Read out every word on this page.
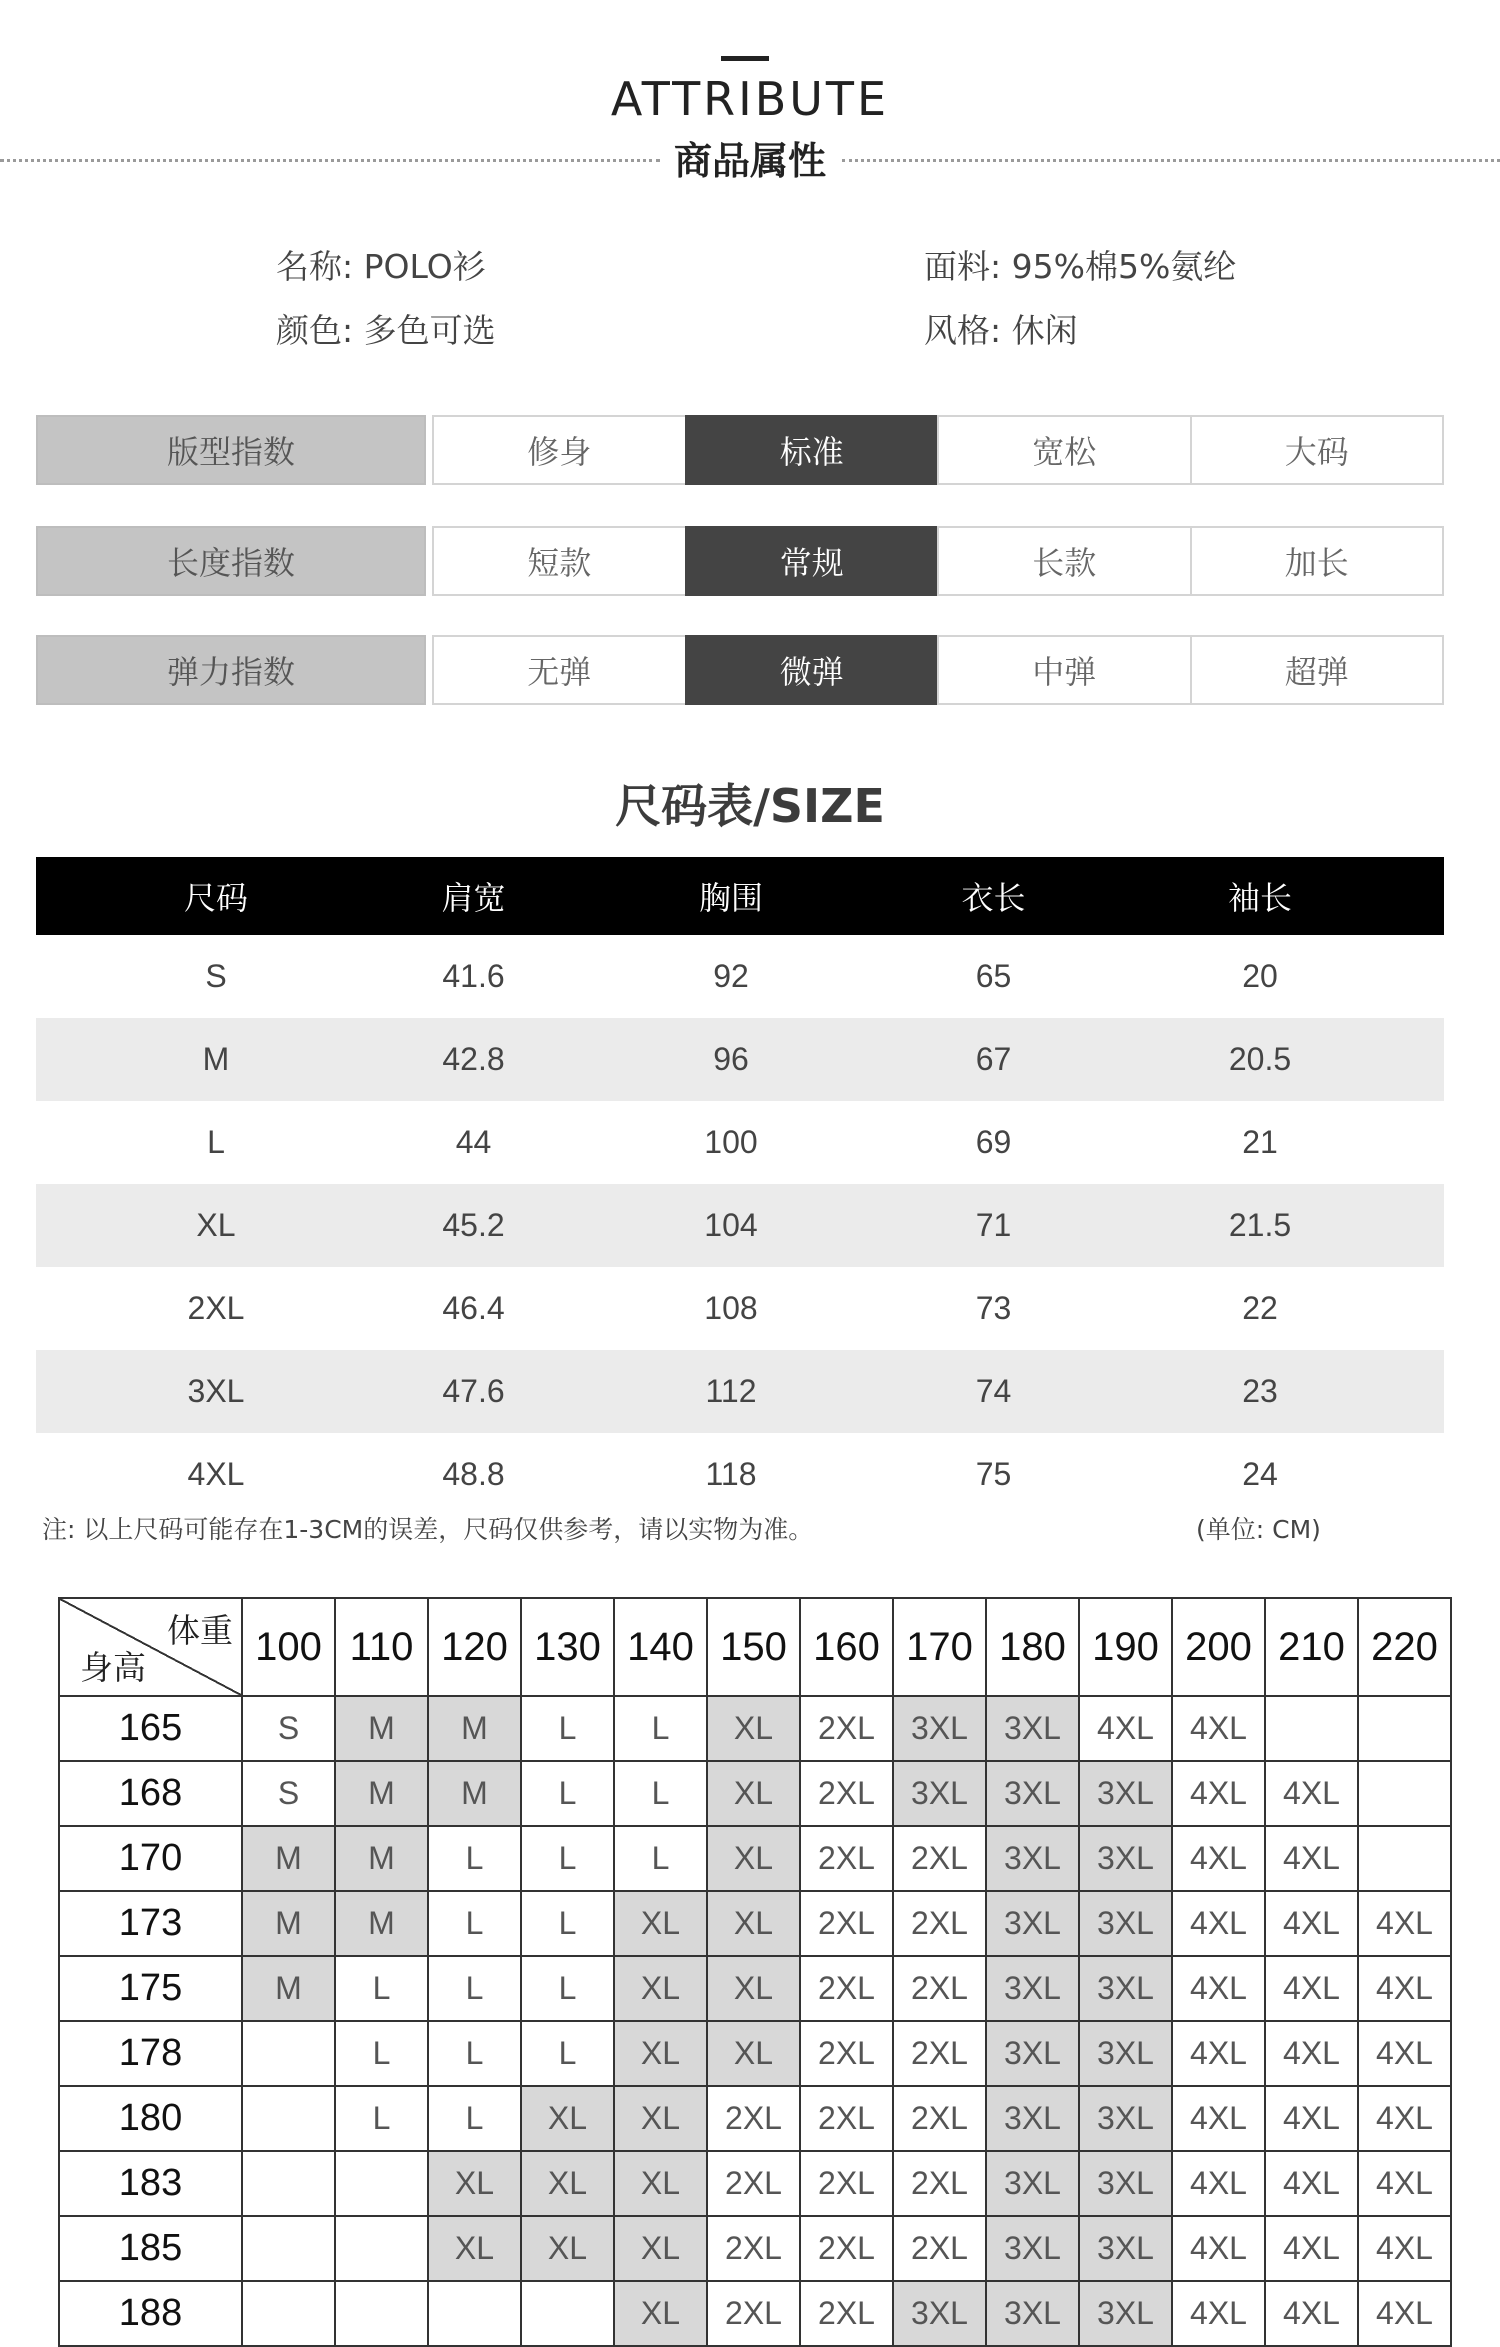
ATTRIBUTE
商品属性
名称: POLO衫
颜色: 多色可选
面料: 95%棉5%氨纶
风格: 休闲
版型指数	修身	标准	宽松	大码
长度指数	短款	常规	长款	加长
弹力指数	无弹	微弹	中弹	超弹
尺码表/SIZE
尺码	肩宽	胸围	衣长	袖长
S	41.6	92	65	20
M	42.8	96	67	20.5
L	44	100	69	21
XL	45.2	104	71	21.5
2XL	46.4	108	73	22
3XL	47.6	112	74	23
4XL	48.8	118	75	24
注: 以上尺码可能存在1-3CM的误差，尺码仅供参考，请以实物为准。	(单位: CM)
体重
身高	100	110	120	130	140	150	160	170	180	190	200	210	220
165	S	M	M	L	L	XL	2XL	3XL	3XL	4XL	4XL		
168	S	M	M	L	L	XL	2XL	3XL	3XL	3XL	4XL	4XL	
170	M	M	L	L	L	XL	2XL	2XL	3XL	3XL	4XL	4XL	
173	M	M	L	L	XL	XL	2XL	2XL	3XL	3XL	4XL	4XL	4XL
175	M	L	L	L	XL	XL	2XL	2XL	3XL	3XL	4XL	4XL	4XL
178		L	L	L	XL	XL	2XL	2XL	3XL	3XL	4XL	4XL	4XL
180		L	L	XL	XL	2XL	2XL	2XL	3XL	3XL	4XL	4XL	4XL
183			XL	XL	XL	2XL	2XL	2XL	3XL	3XL	4XL	4XL	4XL
185			XL	XL	XL	2XL	2XL	2XL	3XL	3XL	4XL	4XL	4XL
188					XL	2XL	2XL	3XL	3XL	3XL	4XL	4XL	4XL
